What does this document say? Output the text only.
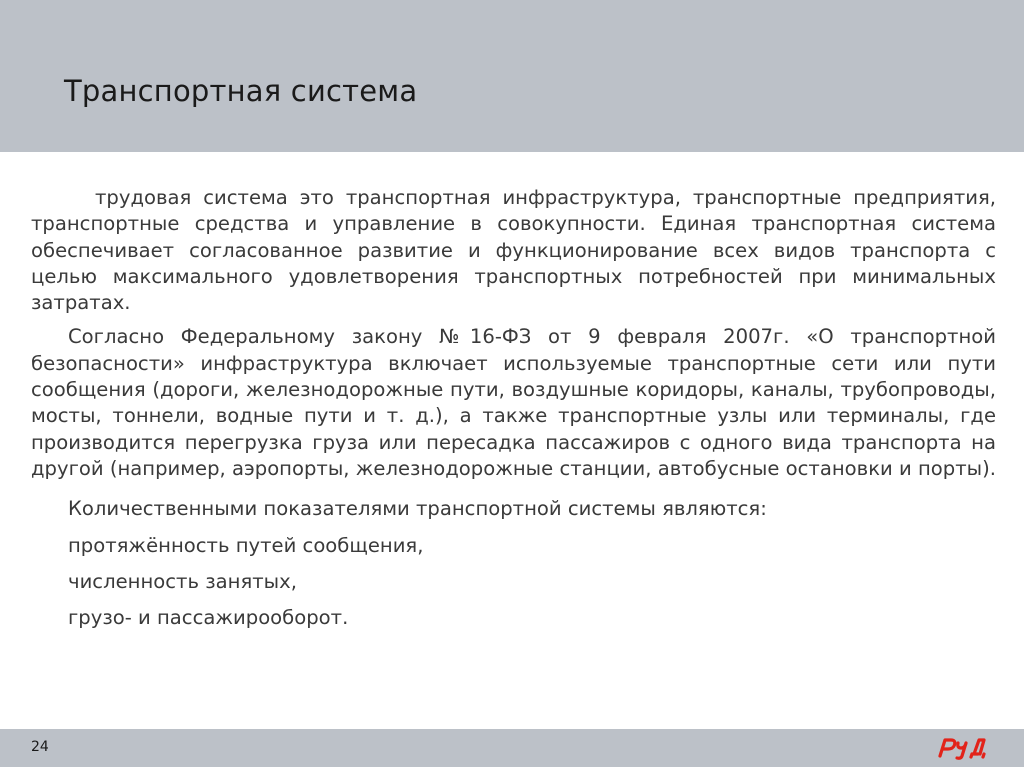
Транспортная система

трудовая система это транспортная инфраструктура, транспортные предприятия, транспортные средства и управление в совокупности. Единая транспортная система обеспечивает согласованное развитие и функционирование всех видов транспорта с целью максимального удовлетворения транспортных потребностей при минимальных затратах.

Согласно Федеральному закону №16-ФЗ от 9 февраля 2007г. «О транспортной безопасности» инфраструктура включает используемые транспортные сети или пути сообщения (дороги, железнодорожные пути, воздушные коридоры, каналы, трубопроводы, мосты, тоннели, водные пути и т. д.), а также транспортные узлы или терминалы, где производится перегрузка груза или пересадка пассажиров с одного вида транспорта на другой (например, аэропорты, железнодорожные станции, автобусные остановки и порты).

Количественными показателями транспортной системы являются:

протяжённость путей сообщения,

численность занятых,

грузо- и пассажирооборот.

24
